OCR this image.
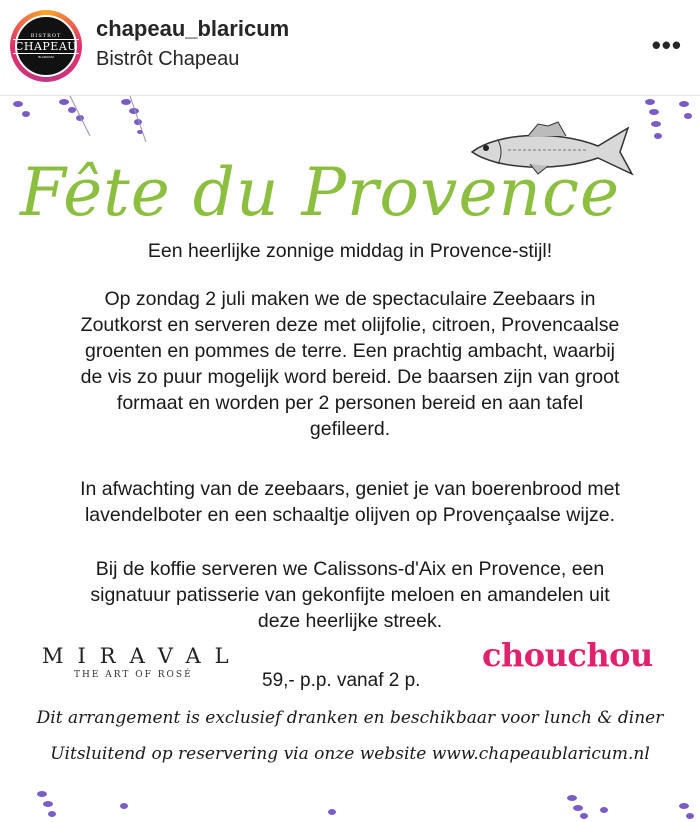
BISTROT
CHAPEAU
BLARICUM
chapeau_blaricum
Bistrôt Chapeau	•••
Fête du Provence
Een heerlijke zonnige middag in Provence-stijl!
Op zondag 2 juli maken we de spectaculaire Zeebaars in
Zoutkorst en serveren deze met olijfolie, citroen, Provencaalse
groenten en pommes de terre. Een prachtig ambacht, waarbij
de vis zo puur mogelijk word bereid. De baarsen zijn van groot
formaat en worden per 2 personen bereid en aan tafel
gefileerd.
In afwachting van de zeebaars, geniet je van boerenbrood met
lavendelboter en een schaaltje olijven op Provençaalse wijze.
Bij de koffie serveren we Calissons-d'Aix en Provence, een
signatuur patisserie van gekonfijte meloen en amandelen uit
deze heerlijke streek.
MIRAVAL
THE ART OF ROSÉ
chouchou
59,- p.p. vanaf 2 p.
Dit arrangement is exclusief dranken en beschikbaar voor lunch & diner
Uitsluitend op reservering via onze website www.chapeaublaricum.nl
